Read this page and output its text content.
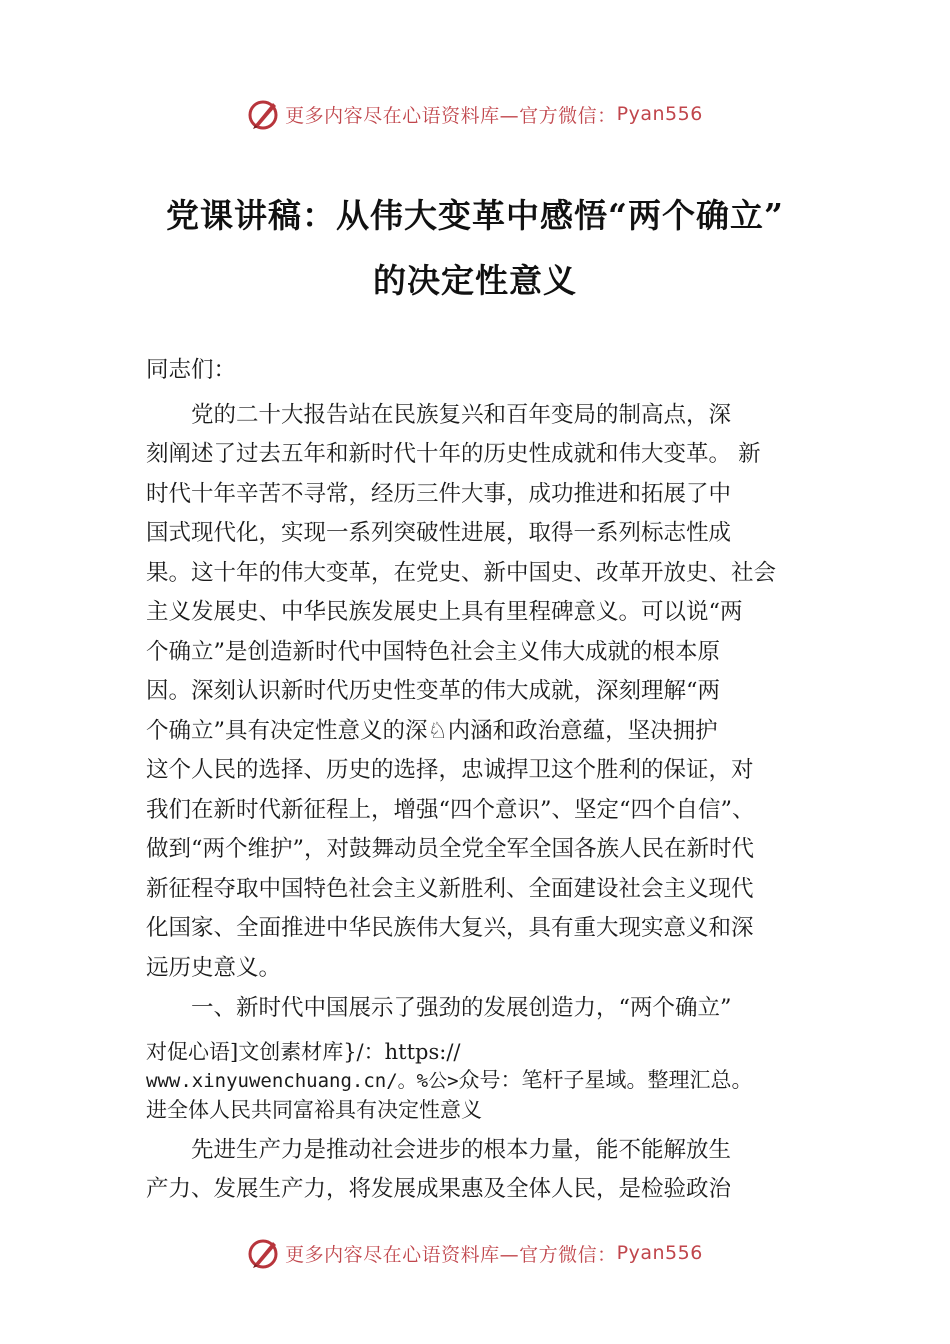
更多内容尽在心语资料库—官方微信： Pyan556
党课讲稿：从伟大变革中感悟“两个确立”
的决定性意义
同志们：
　　党的二十大报告站在民族复兴和百年变局的制高点，深
刻阐述了过去五年和新时代十年的历史性成就和伟大变革。 新
时代十年辛苦不寻常，经历三件大事，成功推进和拓展了中
国式现代化，实现一系列突破性进展，取得一系列标志性成
果。这十年的伟大变革，在党史、新中国史、改革开放史、社会
主义发展史、中华民族发展史上具有里程碑意义。可以说“两
个确立”是创造新时代中国特色社会主义伟大成就的根本原
因。深刻认识新时代历史性变革的伟大成就，深刻理解“两
个确立”具有决定性意义的深♘内涵和政治意蕴，坚决拥护
这个人民的选择、历史的选择，忠诚捍卫这个胜利的保证，对
我们在新时代新征程上，增强“四个意识”、坚定“四个自信”、
做到“两个维护”，对鼓舞动员全党全军全国各族人民在新时代
新征程夺取中国特色社会主义新胜利、全面建设社会主义现代
化国家、全面推进中华民族伟大复兴，具有重大现实意义和深
远历史意义。
　　一、新时代中国展示了强劲的发展创造力，“两个确立”
对促心语]文创素材库}/：https://
www.xinyuwenchuang.cn/。%公>众号：笔杆子星域。整理汇总。
进全体人民共同富裕具有决定性意义
　　先进生产力是推动社会进步的根本力量，能不能解放生
产力、发展生产力，将发展成果惠及全体人民，是检验政治
更多内容尽在心语资料库—官方微信： Pyan556
